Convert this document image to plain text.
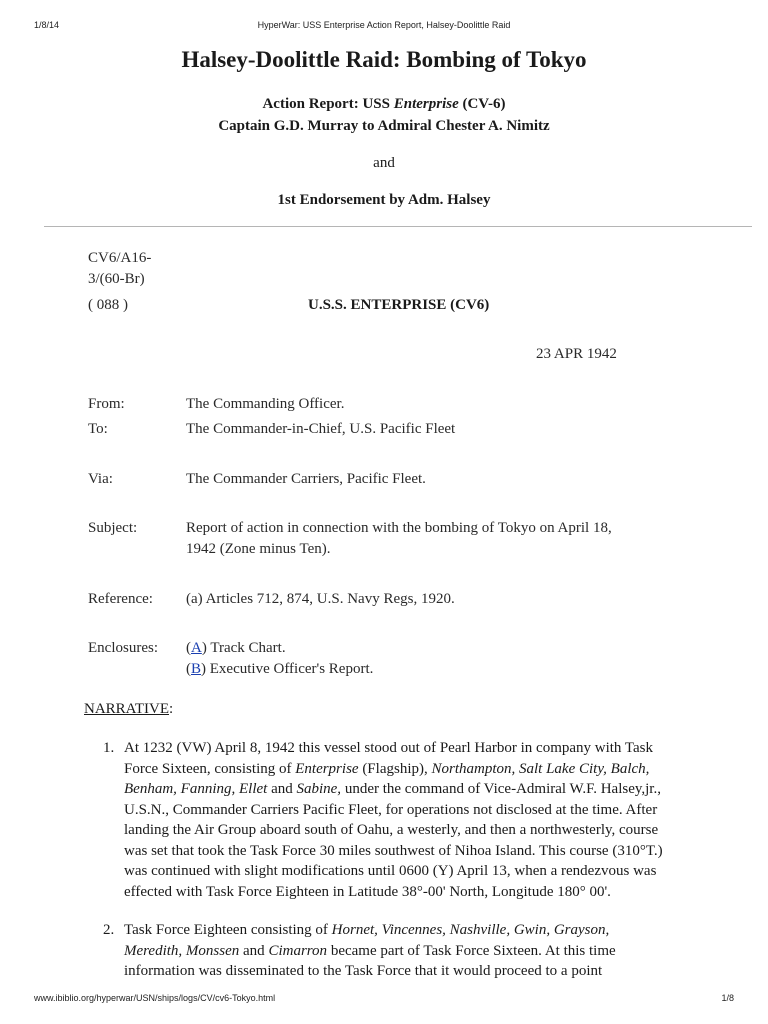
1/8/14	HyperWar: USS Enterprise Action Report, Halsey-Doolittle Raid
Halsey-Doolittle Raid: Bombing of Tokyo
Action Report: USS Enterprise (CV-6)
Captain G.D. Murray to Admiral Chester A. Nimitz
and
1st Endorsement by Adm. Halsey
CV6/A16-
3/(60-Br)
( 088 )	U.S.S. ENTERPRISE (CV6)
23 APR 1942
From:	The Commanding Officer.
To:	The Commander-in-Chief, U.S. Pacific Fleet
Via:	The Commander Carriers, Pacific Fleet.
Subject:	Report of action in connection with the bombing of Tokyo on April 18,
1942 (Zone minus Ten).
Reference: (a) Articles 712, 874, U.S. Navy Regs, 1920.
Enclosures: (A) Track Chart.
(B) Executive Officer's Report.
NARRATIVE:
1. At 1232 (VW) April 8, 1942 this vessel stood out of Pearl Harbor in company with Task
Force Sixteen, consisting of Enterprise (Flagship), Northampton, Salt Lake City, Balch,
Benham, Fanning, Ellet and Sabine, under the command of Vice-Admiral W.F. Halsey,jr.,
U.S.N., Commander Carriers Pacific Fleet, for operations not disclosed at the time. After
landing the Air Group aboard south of Oahu, a westerly, and then a northwesterly, course
was set that took the Task Force 30 miles southwest of Nihoa Island. This course (310°T.)
was continued with slight modifications until 0600 (Y) April 13, when a rendezvous was
effected with Task Force Eighteen in Latitude 38°-00' North, Longitude 180° 00'.
2. Task Force Eighteen consisting of Hornet, Vincennes, Nashville, Gwin, Grayson,
Meredith, Monssen and Cimarron became part of Task Force Sixteen. At this time
information was disseminated to the Task Force that it would proceed to a point
www.ibiblio.org/hyperwar/USN/ships/logs/CV/cv6-Tokyo.html	1/8
